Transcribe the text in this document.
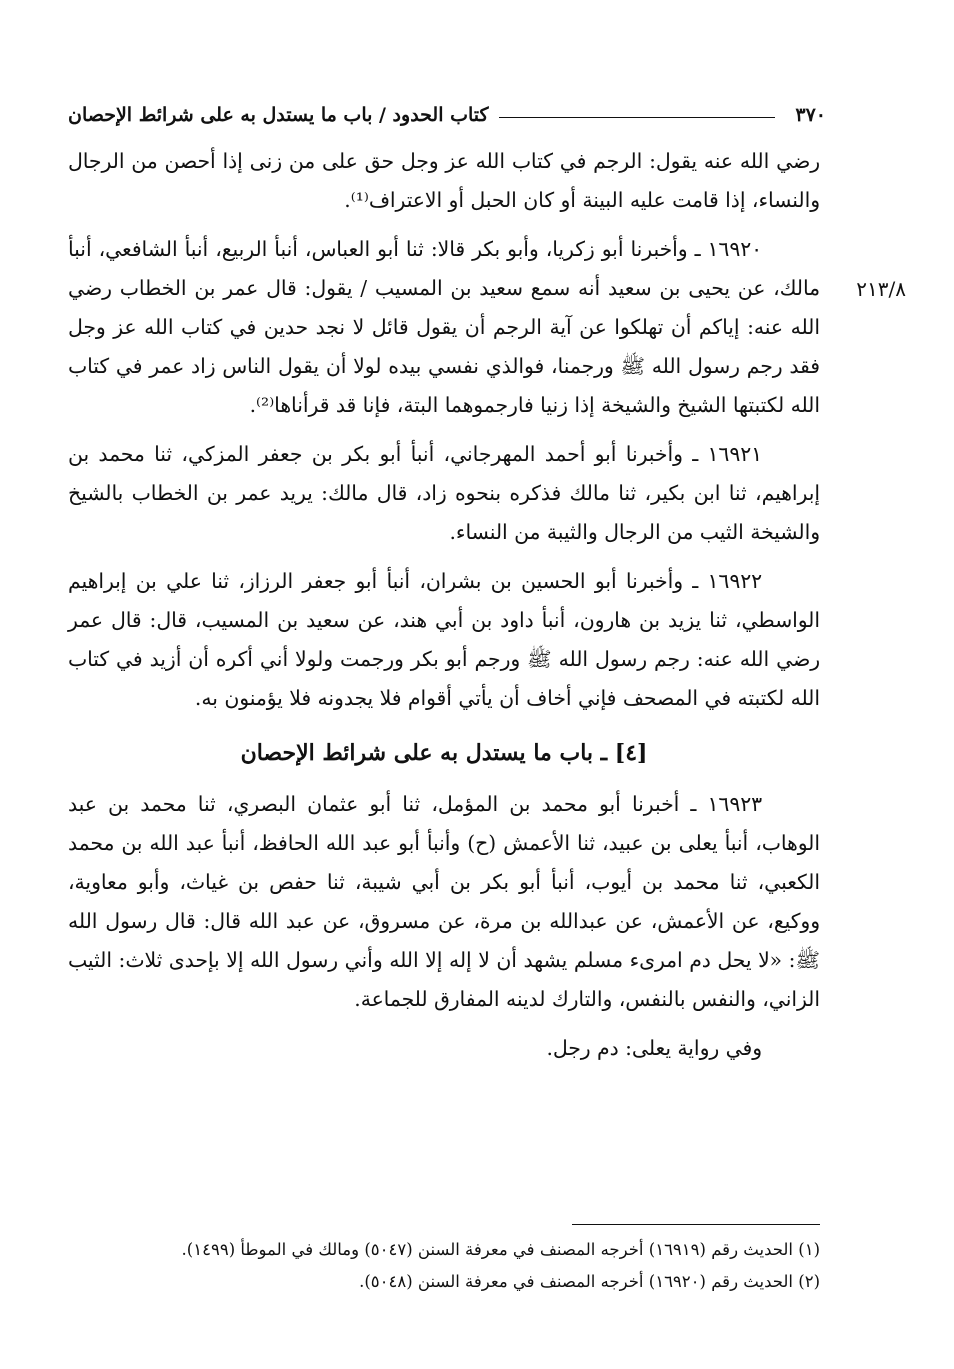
٣٧٠
كتاب الحدود / باب ما يستدل به على شرائط الإحصان
٢١٣/٨

رضي الله عنه يقول: الرجم في كتاب الله عز وجل حق على من زنى إذا أحصن من الرجال والنساء، إذا قامت عليه البينة أو كان الحبل أو الاعتراف⁽¹⁾.

١٦٩٢٠ ـ وأخبرنا أبو زكريا، وأبو بكر قالا: ثنا أبو العباس، أنبأ الربيع، أنبأ الشافعي، أنبأ مالك، عن يحيى بن سعيد أنه سمع سعيد بن المسيب / يقول: قال عمر بن الخطاب رضي الله عنه: إياكم أن تهلكوا عن آية الرجم أن يقول قائل لا نجد حدين في كتاب الله عز وجل فقد رجم رسول الله ﷺ ورجمنا، فوالذي نفسي بيده لولا أن يقول الناس زاد عمر في كتاب الله لكتبتها الشيخ والشيخة إذا زنيا فارجموهما البتة، فإنا قد قرأناها⁽²⁾.

١٦٩٢١ ـ وأخبرنا أبو أحمد المهرجاني، أنبأ أبو بكر بن جعفر المزكي، ثنا محمد بن إبراهيم، ثنا ابن بكير، ثنا مالك فذكره بنحوه زاد، قال مالك: يريد عمر بن الخطاب بالشيخ والشيخة الثيب من الرجال والثيبة من النساء.

١٦٩٢٢ ـ وأخبرنا أبو الحسين بن بشران، أنبأ أبو جعفر الرزاز، ثنا علي بن إبراهيم الواسطي، ثنا يزيد بن هارون، أنبأ داود بن أبي هند، عن سعيد بن المسيب، قال: قال عمر رضي الله عنه: رجم رسول الله ﷺ ورجم أبو بكر ورجمت ولولا أني أكره أن أزيد في كتاب الله لكتبته في المصحف فإني أخاف أن يأتي أقوام فلا يجدونه فلا يؤمنون به.

[٤] ـ باب ما يستدل به على شرائط الإحصان

١٦٩٢٣ ـ أخبرنا أبو محمد بن المؤمل، ثنا أبو عثمان البصري، ثنا محمد بن عبد الوهاب، أنبأ يعلى بن عبيد، ثنا الأعمش (ح) وأنبأ أبو عبد الله الحافظ، أنبأ عبد الله بن محمد الكعبي، ثنا محمد بن أيوب، أنبأ أبو بكر بن أبي شيبة، ثنا حفص بن غياث، وأبو معاوية، ووكيع، عن الأعمش، عن عبدالله بن مرة، عن مسروق، عن عبد الله قال: قال رسول الله ﷺ: «لا يحل دم امرىء مسلم يشهد أن لا إله إلا الله وأني رسول الله إلا بإحدى ثلاث: الثيب الزاني، والنفس بالنفس، والتارك لدينه المفارق للجماعة.

وفي رواية يعلى: دم رجل.

(١) الحديث رقم (١٦٩١٩) أخرجه المصنف في معرفة السنن (٥٠٤٧) ومالك في الموطأ (١٤٩٩).

(٢) الحديث رقم (١٦٩٢٠) أخرجه المصنف في معرفة السنن (٥٠٤٨).
